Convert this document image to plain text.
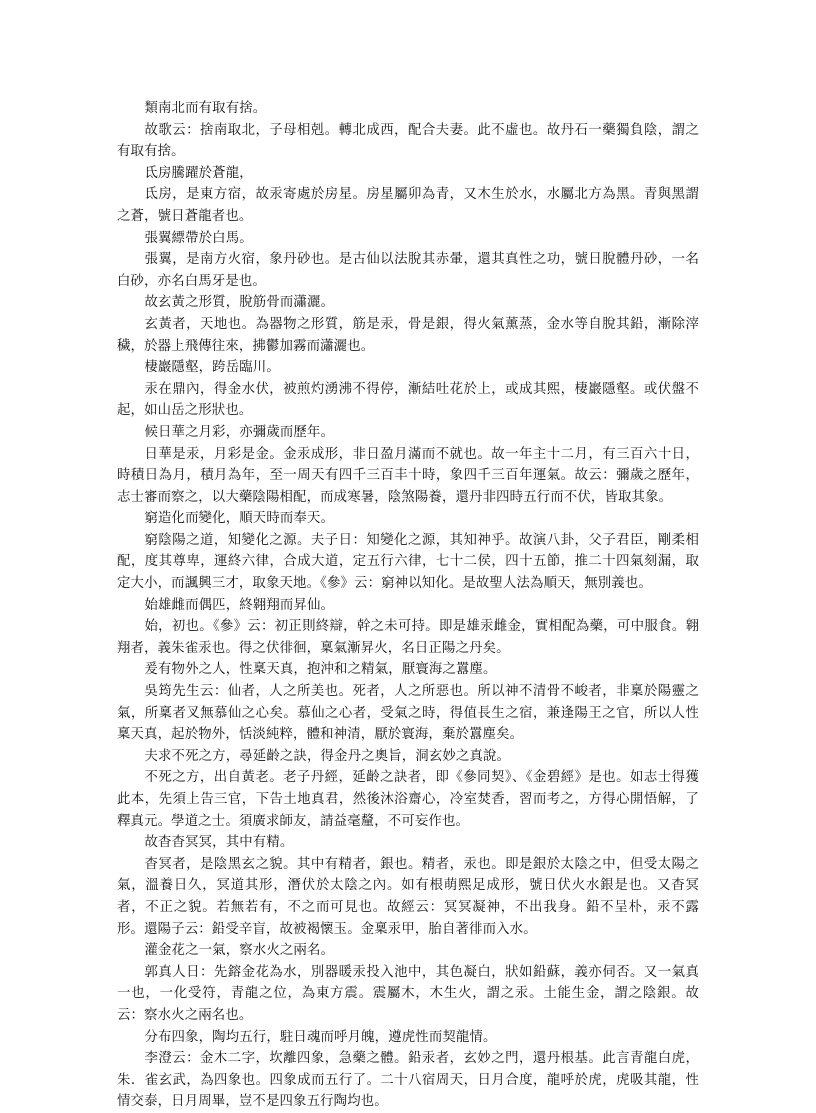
類南北而有取有捨。

故歌云：捨南取北，子母相剋。轉北成西，配合夫妻。此不虛也。故丹石一藥獨負陰，謂之有取有捨。

氐房騰躍於蒼龍，

氐房，是東方宿，故汞寄處於房星。房星屬卯為青，又木生於水，水屬北方為黑。青與黑謂之蒼，號日蒼龍者也。

張翼縹帶於白馬。

張翼，是南方火宿，象丹砂也。是古仙以法脫其赤暈，還其真性之功，號日脫體丹砂，一名白砂，亦名白馬牙是也。

故玄黃之形質，脫筋骨而瀟灑。

玄黃者，天地也。為器物之形質，筋是汞，骨是銀，得火氣薰蒸，金水等自脫其鉛，漸除滓穢，於器上飛傳往來，拂鬱加霧而瀟灑也。

棲巖隱壑，跨岳臨川。

汞在鼎內，得金水伏，被煎灼湧沸不得停，漸結吐花於上，或成其熙，棲巖隱壑。或伏盤不起，如山岳之形狀也。

候日華之月彩，亦彌歲而歷年。

日華是汞，月彩是金。金汞成形，非日盈月滿而不就也。故一年主十二月，有三百六十日，時積日為月，積月為年，至一周天有四千三百丰十時，象四千三百年運氣。故云：彌歲之歷年，志士審而察之，以大藥陰陽相配，而成寒暑，陰煞陽養，還丹非四時五行而不伏，皆取其象。

窮造化而變化，順天時而奉天。

窮陰陽之道，知變化之源。夫子日：知變化之源，其知神乎。故演八卦，父子君臣，剛柔相配，度其尊卑，運終六律，合成大道，定五行六律，七十二侯，四十五節，推二十四氣刻漏，取定大小，而諷興三才，取象天地。《參》云：窮神以知化。是故聖人法為順天，無別義也。

始雄雌而偶匹，終翱翔而昇仙。

始，初也。《參》云：初正則終辯，幹之未可持。即是雄汞雌金，實相配為藥，可中服食。翱翔者，義朱雀汞也。得之伏徘徊，稟氣漸昇火，名日正陽之丹矣。

爰有物外之人，性稟天真，抱沖和之精氣，厭寰海之囂塵。

吳筠先生云：仙者，人之所美也。死者，人之所惡也。所以神不清骨不峻者，非稟於陽靈之氣，所稟者叉無慕仙之心矣。慕仙之心者，受氣之時，得值長生之宿，兼逢陽王之官，所以人性稟天真，起於物外，恬淡純粹，體和神清，厭於寰海，棄於囂塵矣。

夫求不死之方，尋延齡之訣，得金丹之奧旨，洞玄妙之真說。

不死之方，出自黃老。老子丹經，延齡之訣者，即《參同契》、《金碧經》是也。如志士得獲此本，先須上告三官，下告土地真君，然後沐浴齋心，冷室焚香，習而考之，方得心開悟解，了釋真元。學道之士。須廣求師友，請益毫釐，不可妄作也。

故杳杳冥冥，其中有精。

杳冥者，是陰黑玄之貌。其中有精者，銀也。精者，汞也。即是銀於太陰之中，但受太陽之氣，溫養日久，冥道其形，潛伏於太陰之內。如有根萌熙足成形，號日伏火水銀是也。又杳冥者，不正之貌。若無若有，不之而可見也。故經云：冥冥凝神，不出我身。鉛不呈朴，汞不露形。還陽子云：鉛受辛盲，故被褐懷玉。金稟汞甲，胎自著徘而入水。

灌金花之一氣，察水火之兩名。

郭真人日：先鎔金花為水，別器暖汞投入池中，其色凝白，狀如鉛蘇，義亦伺否。又一氣真一也，一化受符，青龍之位，為東方震。震屬木，木生火，謂之汞。土能生金，謂之陰銀。故云：察水火之兩名也。

分布四象，陶均五行，駐日魂而呼月魄，遵虎性而契龍情。

李澄云：金木二字，坎離四象，急藥之體。鉛汞者，玄妙之門，還丹根基。此言青龍白虎，朱．雀玄武，為四象也。四象成而五行了。二十八宿周天，日月合度，龍呼於虎，虎吸其龍，性情交泰，日月周畢，豈不是四象五行陶均也。
